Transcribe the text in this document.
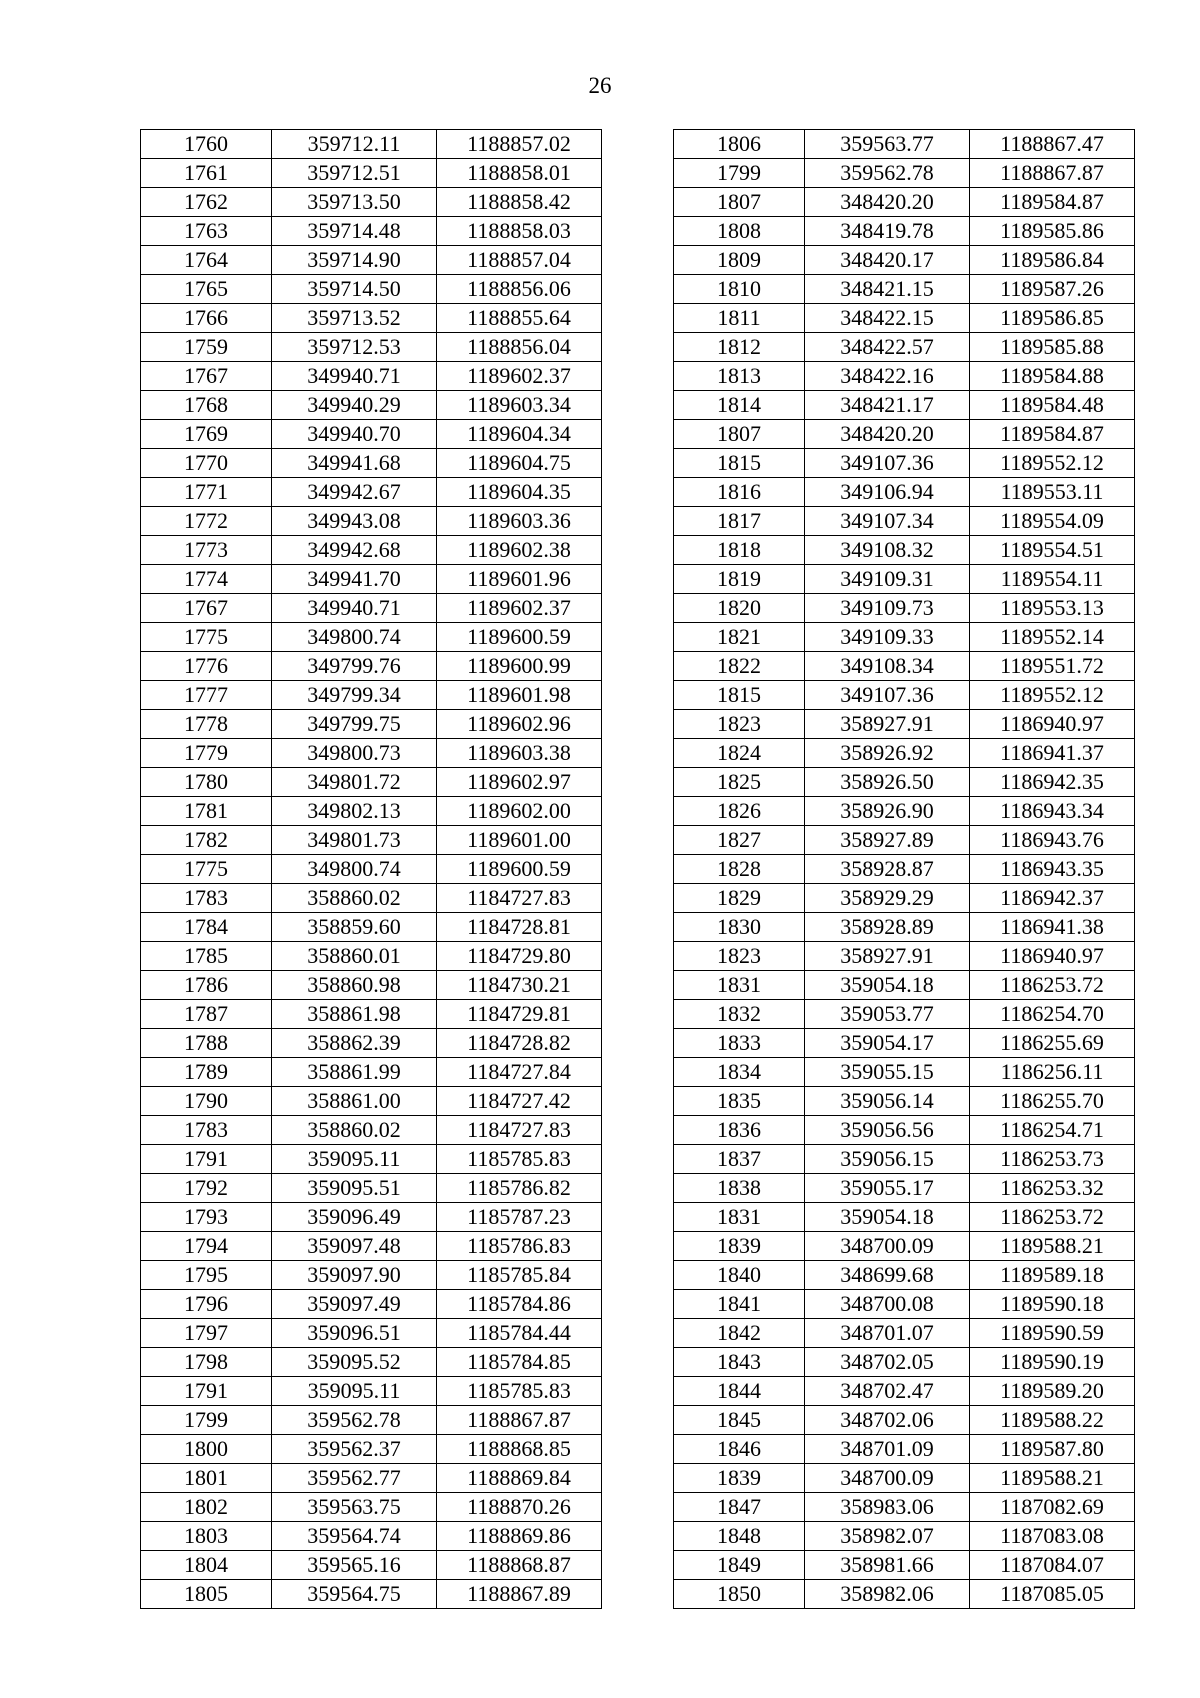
26
1760	359712.11	1188857.02
1761	359712.51	1188858.01
1762	359713.50	1188858.42
1763	359714.48	1188858.03
1764	359714.90	1188857.04
1765	359714.50	1188856.06
1766	359713.52	1188855.64
1759	359712.53	1188856.04
1767	349940.71	1189602.37
1768	349940.29	1189603.34
1769	349940.70	1189604.34
1770	349941.68	1189604.75
1771	349942.67	1189604.35
1772	349943.08	1189603.36
1773	349942.68	1189602.38
1774	349941.70	1189601.96
1767	349940.71	1189602.37
1775	349800.74	1189600.59
1776	349799.76	1189600.99
1777	349799.34	1189601.98
1778	349799.75	1189602.96
1779	349800.73	1189603.38
1780	349801.72	1189602.97
1781	349802.13	1189602.00
1782	349801.73	1189601.00
1775	349800.74	1189600.59
1783	358860.02	1184727.83
1784	358859.60	1184728.81
1785	358860.01	1184729.80
1786	358860.98	1184730.21
1787	358861.98	1184729.81
1788	358862.39	1184728.82
1789	358861.99	1184727.84
1790	358861.00	1184727.42
1783	358860.02	1184727.83
1791	359095.11	1185785.83
1792	359095.51	1185786.82
1793	359096.49	1185787.23
1794	359097.48	1185786.83
1795	359097.90	1185785.84
1796	359097.49	1185784.86
1797	359096.51	1185784.44
1798	359095.52	1185784.85
1791	359095.11	1185785.83
1799	359562.78	1188867.87
1800	359562.37	1188868.85
1801	359562.77	1188869.84
1802	359563.75	1188870.26
1803	359564.74	1188869.86
1804	359565.16	1188868.87
1805	359564.75	1188867.89
1806	359563.77	1188867.47
1799	359562.78	1188867.87
1807	348420.20	1189584.87
1808	348419.78	1189585.86
1809	348420.17	1189586.84
1810	348421.15	1189587.26
1811	348422.15	1189586.85
1812	348422.57	1189585.88
1813	348422.16	1189584.88
1814	348421.17	1189584.48
1807	348420.20	1189584.87
1815	349107.36	1189552.12
1816	349106.94	1189553.11
1817	349107.34	1189554.09
1818	349108.32	1189554.51
1819	349109.31	1189554.11
1820	349109.73	1189553.13
1821	349109.33	1189552.14
1822	349108.34	1189551.72
1815	349107.36	1189552.12
1823	358927.91	1186940.97
1824	358926.92	1186941.37
1825	358926.50	1186942.35
1826	358926.90	1186943.34
1827	358927.89	1186943.76
1828	358928.87	1186943.35
1829	358929.29	1186942.37
1830	358928.89	1186941.38
1823	358927.91	1186940.97
1831	359054.18	1186253.72
1832	359053.77	1186254.70
1833	359054.17	1186255.69
1834	359055.15	1186256.11
1835	359056.14	1186255.70
1836	359056.56	1186254.71
1837	359056.15	1186253.73
1838	359055.17	1186253.32
1831	359054.18	1186253.72
1839	348700.09	1189588.21
1840	348699.68	1189589.18
1841	348700.08	1189590.18
1842	348701.07	1189590.59
1843	348702.05	1189590.19
1844	348702.47	1189589.20
1845	348702.06	1189588.22
1846	348701.09	1189587.80
1839	348700.09	1189588.21
1847	358983.06	1187082.69
1848	358982.07	1187083.08
1849	358981.66	1187084.07
1850	358982.06	1187085.05
